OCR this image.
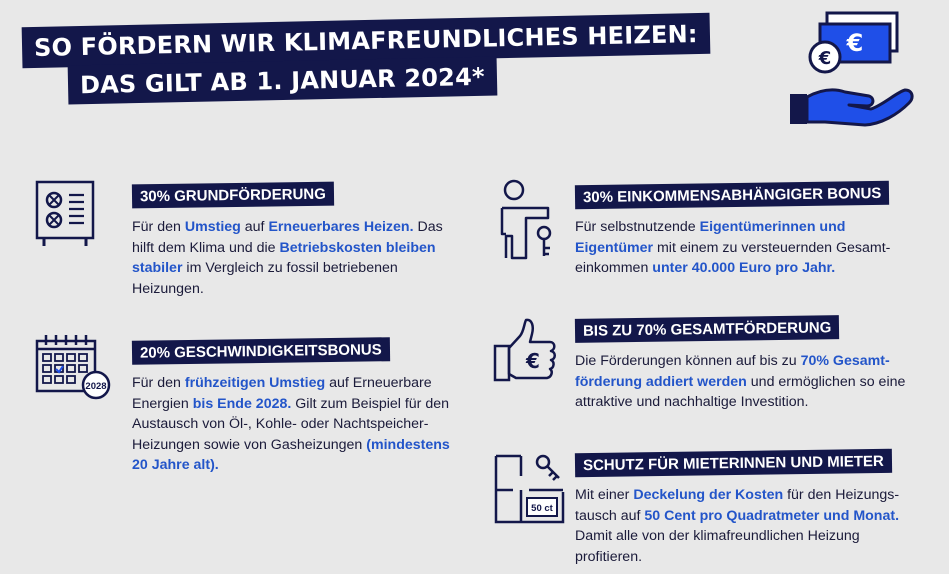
SO FÖRDERN WIR KLIMAFREUNDLICHES HEIZEN:
DAS GILT AB 1. JANUAR 2024*
€
€
2028
€
50 ct
30% GRUNDFÖRDERUNG
Für den Umstieg auf Erneuerbares Heizen. Das hilft dem Klima und die Betriebskosten bleiben stabiler im Vergleich zu fossil betriebenen Heizungen.
20% GESCHWINDIGKEITSBONUS
Für den frühzeitigen Umstieg auf Erneuerbare Energien bis Ende 2028. Gilt zum Beispiel für den Austausch von Öl-, Kohle- oder Nachtspeicher-Heizungen sowie von Gasheizungen (mindestens 20 Jahre alt).
30% EINKOMMENSABHÄNGIGER BONUS
Für selbstnutzende Eigentümerinnen und Eigentümer mit einem zu versteuernden Gesamteinkommen unter 40.000 Euro pro Jahr.
BIS ZU 70% GESAMTFÖRDERUNG
Die Förderungen können auf bis zu 70% Gesamtförderung addiert werden und ermöglichen so eine attraktive und nachhaltige Investition.
SCHUTZ FÜR MIETERINNEN UND MIETER
Mit einer Deckelung der Kosten für den Heizungstausch auf 50 Cent pro Quadratmeter und Monat. Damit alle von der klimafreundlichen Heizung profitieren.
